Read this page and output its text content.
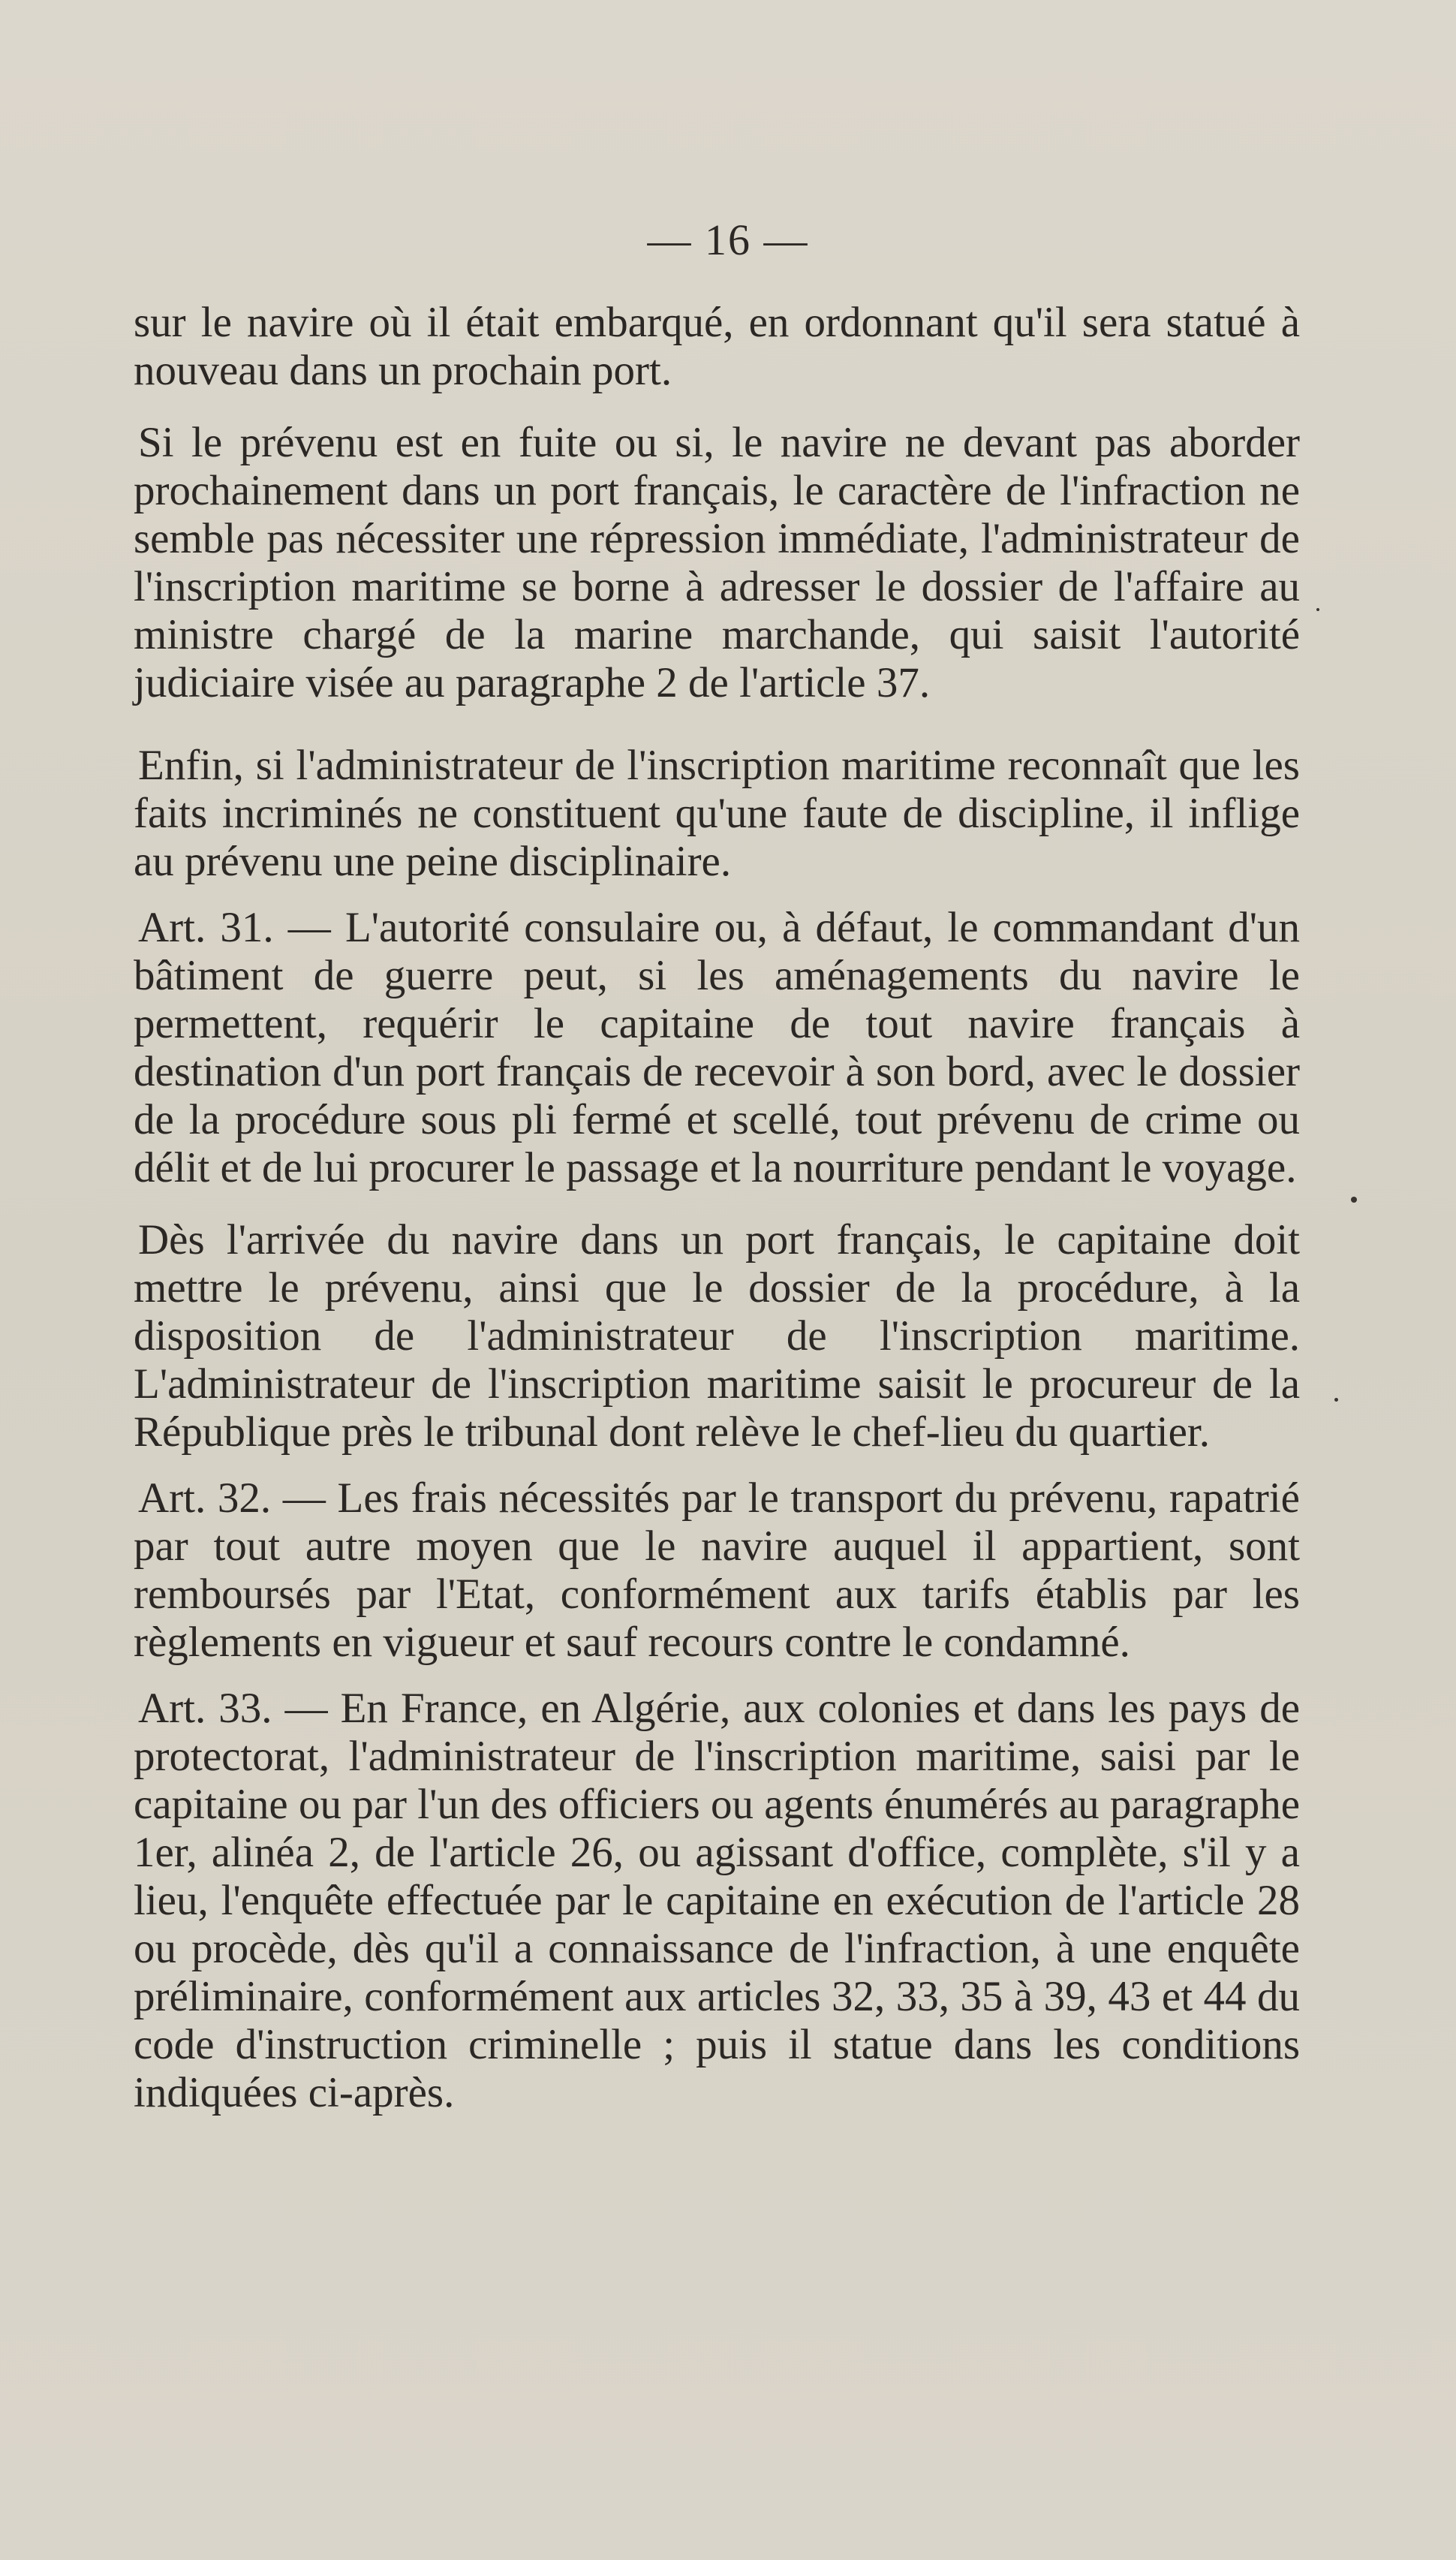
— 16 —

sur le navire où il était embarqué, en ordonnant qu'il sera statué à nouveau dans un prochain port.

Si le prévenu est en fuite ou si, le navire ne devant pas aborder prochainement dans un port français, le caractère de l'infraction ne semble pas nécessiter une répression immédiate, l'administrateur de l'inscription maritime se borne à adresser le dossier de l'affaire au ministre chargé de la marine marchande, qui saisit l'autorité judiciaire visée au paragraphe 2 de l'article 37.

Enfin, si l'administrateur de l'inscription maritime reconnaît que les faits incriminés ne constituent qu'une faute de discipline, il inflige au prévenu une peine disciplinaire.

Art. 31. — L'autorité consulaire ou, à défaut, le commandant d'un bâtiment de guerre peut, si les aménagements du navire le permettent, requérir le capitaine de tout navire français à destination d'un port français de recevoir à son bord, avec le dossier de la procédure sous pli fermé et scellé, tout prévenu de crime ou délit et de lui procurer le passage et la nourriture pendant le voyage.

Dès l'arrivée du navire dans un port français, le capitaine doit mettre le prévenu, ainsi que le dossier de la procédure, à la disposition de l'administrateur de l'inscription maritime. L'administrateur de l'inscription maritime saisit le procureur de la République près le tribunal dont relève le chef-lieu du quartier.

Art. 32. — Les frais nécessités par le transport du prévenu, rapatrié par tout autre moyen que le navire auquel il appartient, sont remboursés par l'Etat, conformément aux tarifs établis par les règlements en vigueur et sauf recours contre le condamné.

Art. 33. — En France, en Algérie, aux colonies et dans les pays de protectorat, l'administrateur de l'inscription maritime, saisi par le capitaine ou par l'un des officiers ou agents énumérés au paragraphe 1er, alinéa 2, de l'article 26, ou agissant d'office, complète, s'il y a lieu, l'enquête effectuée par le capitaine en exécution de l'article 28 ou procède, dès qu'il a connaissance de l'infraction, à une enquête préliminaire, conformément aux articles 32, 33, 35 à 39, 43 et 44 du code d'instruction criminelle ; puis il statue dans les conditions indiquées ci-après.
